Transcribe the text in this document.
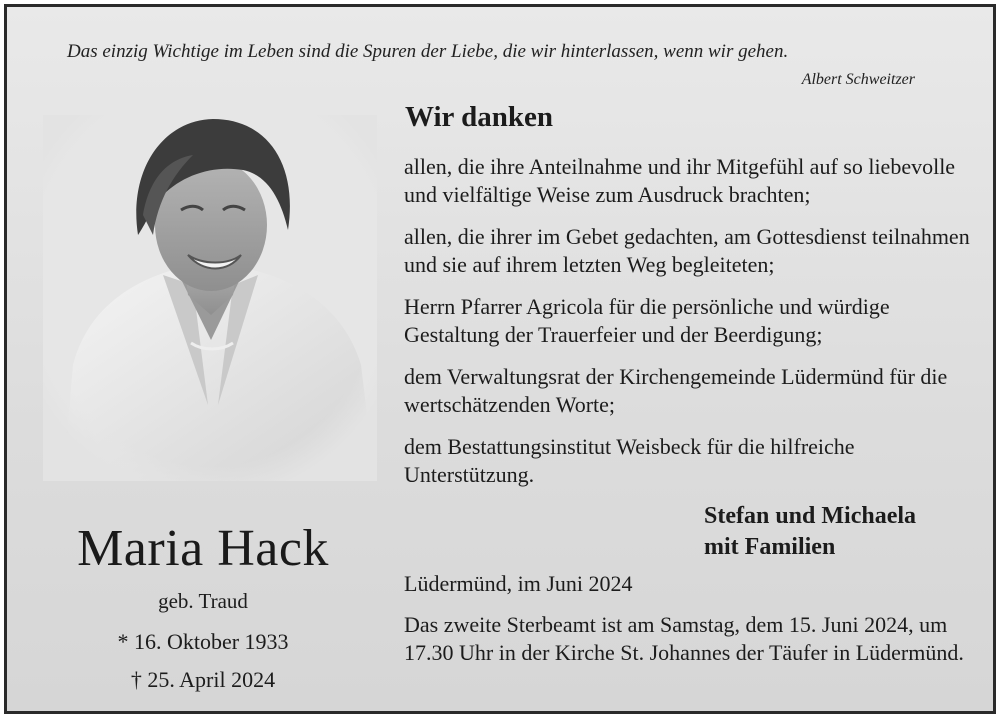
Das einzig Wichtige im Leben sind die Spuren der Liebe, die wir hinterlassen, wenn wir gehen.
Albert Schweitzer
Maria Hack
geb. Traud
* 16. Oktober 1933
† 25. April 2024
Wir danken
allen, die ihre Anteilnahme und ihr Mitgefühl auf so liebevolle und vielfältige Weise zum Ausdruck brachten;
allen, die ihrer im Gebet gedachten, am Gottesdienst teilnahmen und sie auf ihrem letzten Weg begleiteten;
Herrn Pfarrer Agricola für die persönliche und würdige Gestaltung der Trauerfeier und der Beerdigung;
dem Verwaltungsrat der Kirchengemeinde Lüdermünd für die wertschätzenden Worte;
dem Bestattungsinstitut Weisbeck für die hilfreiche Unterstützung.
Stefan und Michaela
mit Familien
Lüdermünd, im Juni 2024
Das zweite Sterbeamt ist am Samstag, dem 15. Juni 2024, um 17.30 Uhr in der Kirche St. Johannes der Täufer in Lüdermünd.
